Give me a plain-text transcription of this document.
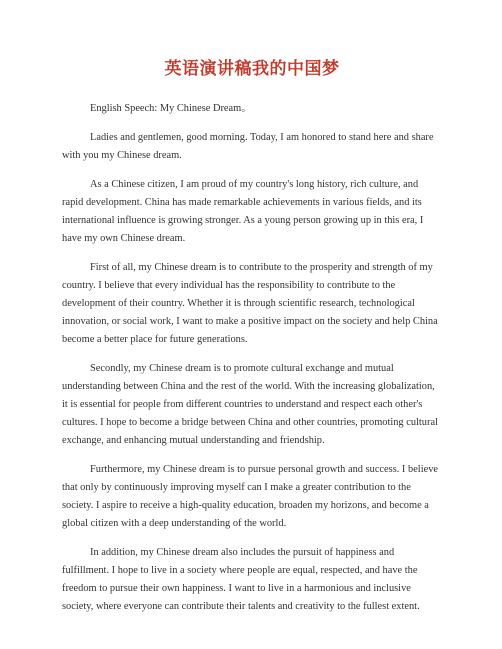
英语演讲稿我的中国梦

English Speech: My Chinese Dream。

Ladies and gentlemen, good morning. Today, I am honored to stand here and share with you my Chinese dream.

As a Chinese citizen, I am proud of my country's long history, rich culture, and rapid development. China has made remarkable achievements in various fields, and its international influence is growing stronger. As a young person growing up in this era, I have my own Chinese dream.

First of all, my Chinese dream is to contribute to the prosperity and strength of my country. I believe that every individual has the responsibility to contribute to the development of their country. Whether it is through scientific research, technological innovation, or social work, I want to make a positive impact on the society and help China become a better place for future generations.

Secondly, my Chinese dream is to promote cultural exchange and mutual understanding between China and the rest of the world. With the increasing globalization, it is essential for people from different countries to understand and respect each other's cultures. I hope to become a bridge between China and other countries, promoting cultural exchange, and enhancing mutual understanding and friendship.

Furthermore, my Chinese dream is to pursue personal growth and success. I believe that only by continuously improving myself can I make a greater contribution to the society. I aspire to receive a high-quality education, broaden my horizons, and become a global citizen with a deep understanding of the world.

In addition, my Chinese dream also includes the pursuit of happiness and fulfillment. I hope to live in a society where people are equal, respected, and have the freedom to pursue their own happiness. I want to live in a harmonious and inclusive society, where everyone can contribute their talents and creativity to the fullest extent.
